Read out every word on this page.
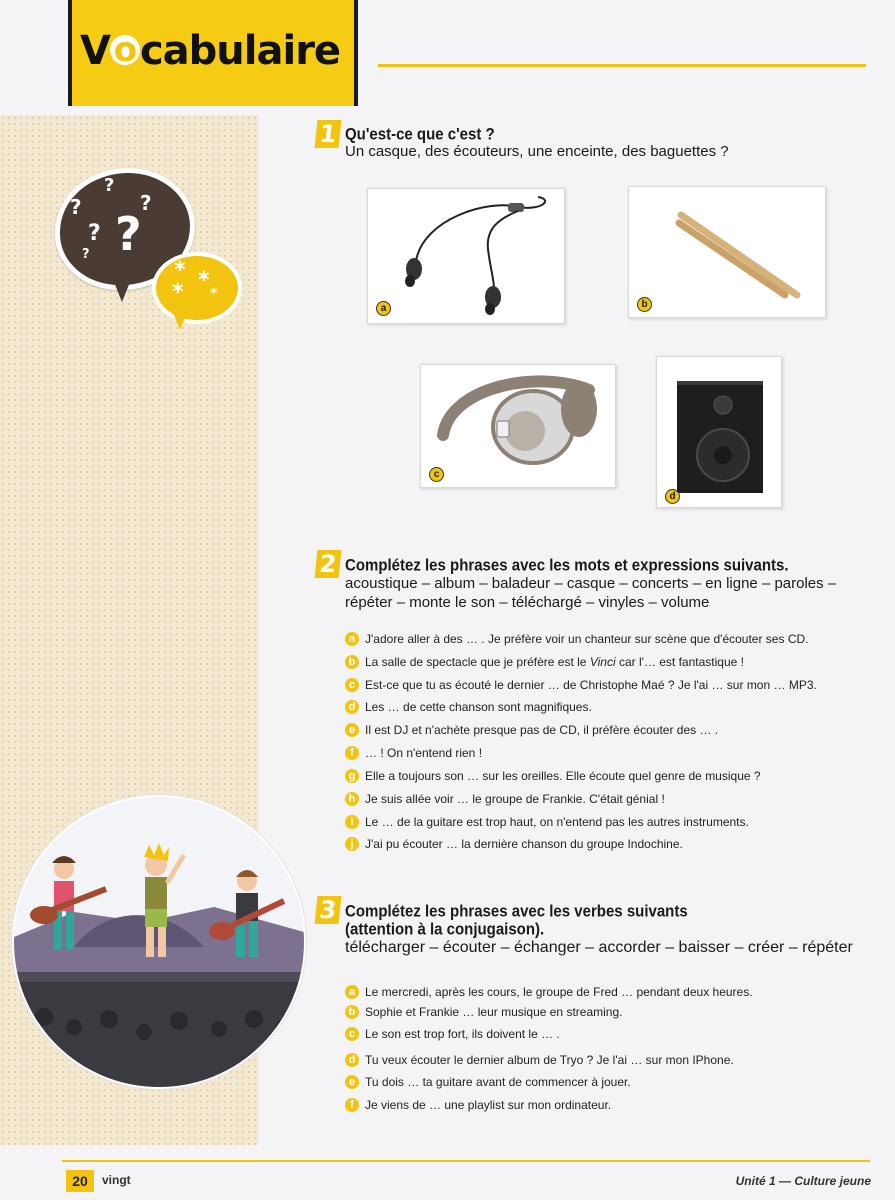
V ocabulaire
?
?
?
? ?
?
* *
* *
1 Qu'est-ce que c'est ?
Un casque, des écouteurs, une enceinte, des baguettes ?
a	b
c
d
2 Complétez les phrases avec les mots et expressions suivants.
acoustique – album – baladeur – casque – concerts – en ligne – paroles –
répéter – monte le son – téléchargé – vinyles – volume
a J'adore aller à des … . Je préfère voir un chanteur sur scène que d'écouter ses CD.
b La salle de spectacle que je préfère est le Vinci car l'… est fantastique !
c Est-ce que tu as écouté le dernier … de Christophe Maé ? Je l'ai … sur mon … MP3.
d Les … de cette chanson sont magnifiques.
e Il est DJ et n'achète presque pas de CD, il préfère écouter des … .
f … ! On n'entend rien !
g Elle a toujours son … sur les oreilles. Elle écoute quel genre de musique ?
h Je suis allée voir … le groupe de Frankie. C'était génial !
i Le … de la guitare est trop haut, on n'entend pas les autres instruments.
j J'ai pu écouter … la dernière chanson du groupe Indochine.
3 Complétez les phrases avec les verbes suivants
(attention à la conjugaison).
télécharger – écouter – échanger – accorder – baisser – créer – répéter
a Le mercredi, après les cours, le groupe de Fred … pendant deux heures.
b Sophie et Frankie … leur musique en streaming.
c Le son est trop fort, ils doivent le … .
d Tu veux écouter le dernier album de Tryo ? Je l'ai … sur mon IPhone.
e Tu dois … ta guitare avant de commencer à jouer.
f Je viens de … une playlist sur mon ordinateur.
20	vingt	Unité 1 — Culture jeune
